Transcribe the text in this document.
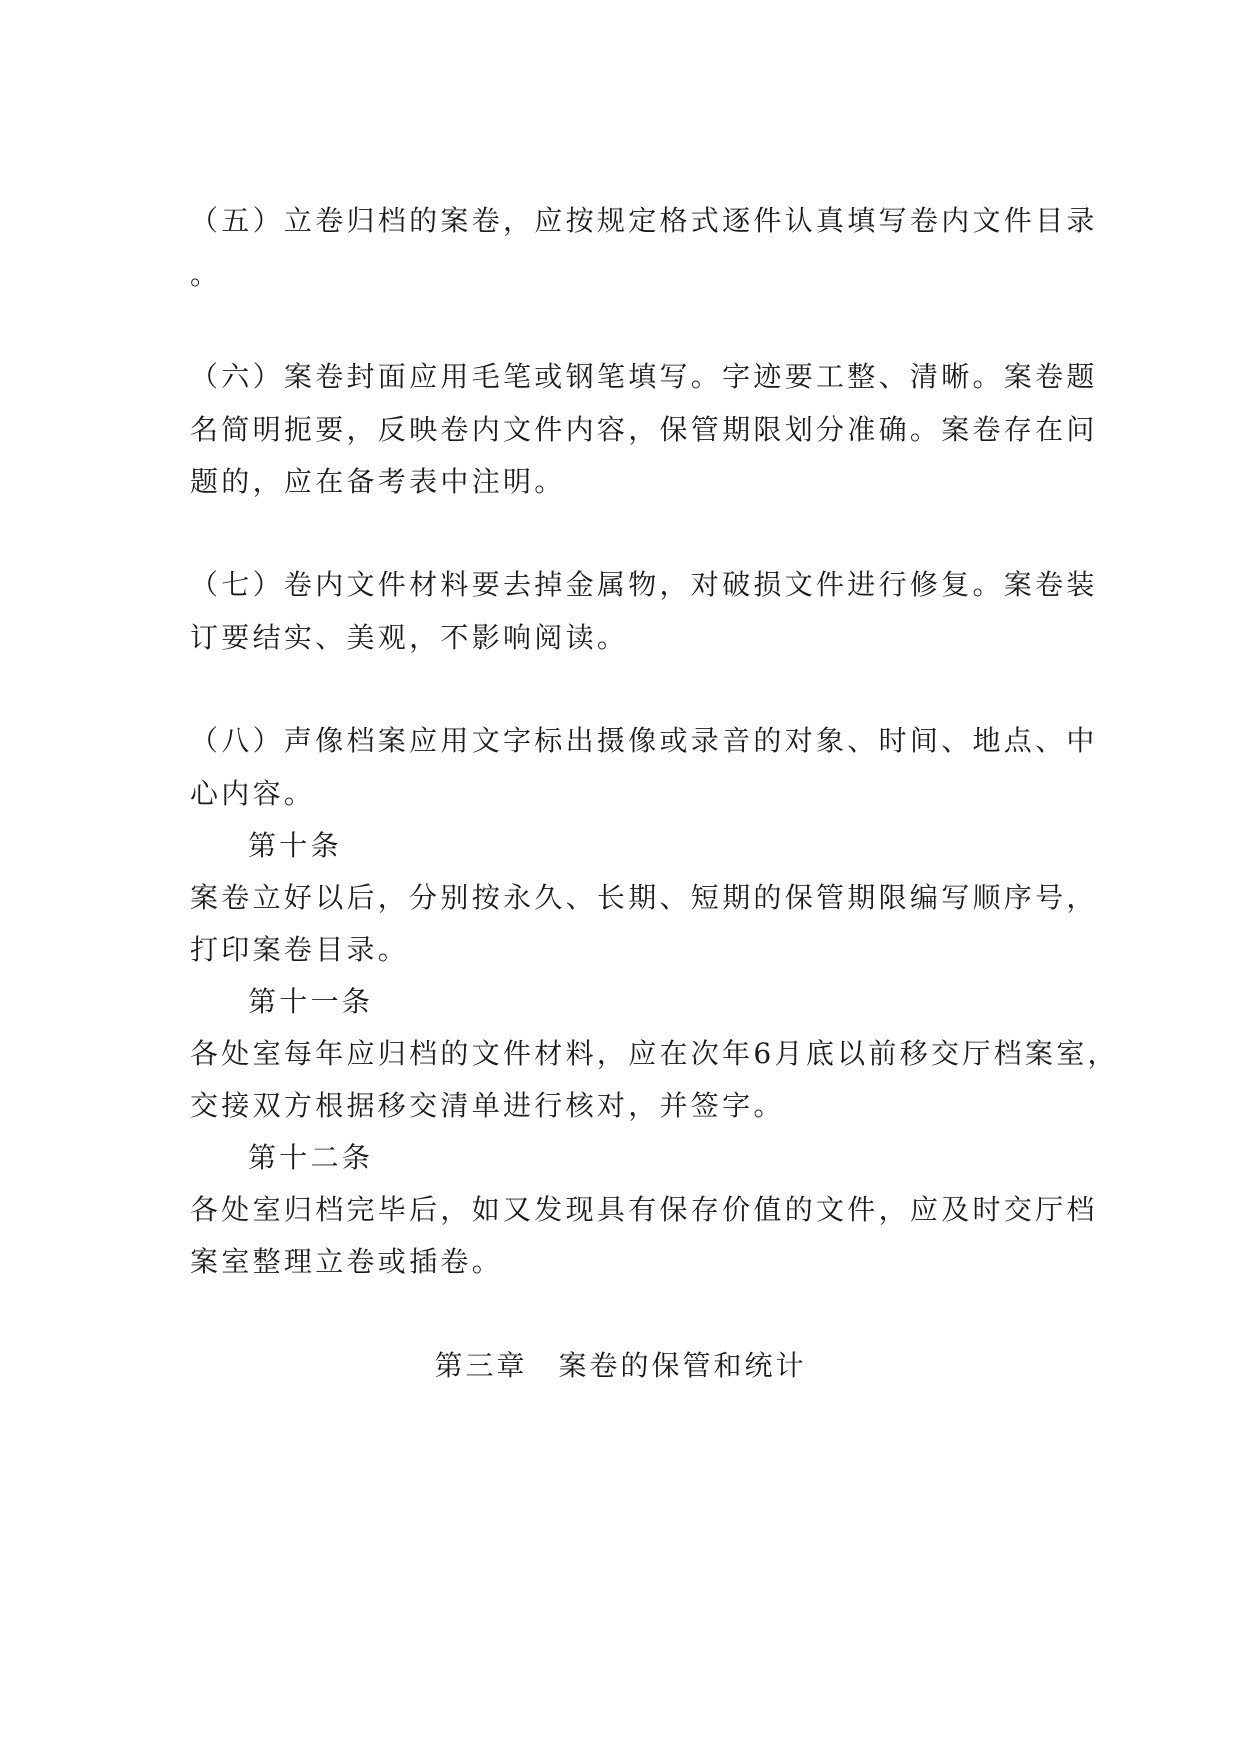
（五）立卷归档的案卷，应按规定格式逐件认真填写卷内文件目录
。
（六）案卷封面应用毛笔或钢笔填写。字迹要工整、清晰。案卷题
名简明扼要，反映卷内文件内容，保管期限划分准确。案卷存在问
题的，应在备考表中注明。
（七）卷内文件材料要去掉金属物，对破损文件进行修复。案卷装
订要结实、美观，不影响阅读。
（八）声像档案应用文字标出摄像或录音的对象、时间、地点、中
心内容。
第十条
案卷立好以后，分别按永久、长期、短期的保管期限编写顺序号，
打印案卷目录。
第十一条
各处室每年应归档的文件材料，应在次年6月底以前移交厅档案室，
交接双方根据移交清单进行核对，并签字。
第十二条
各处室归档完毕后，如又发现具有保存价值的文件，应及时交厅档
案室整理立卷或插卷。
第三章　案卷的保管和统计
